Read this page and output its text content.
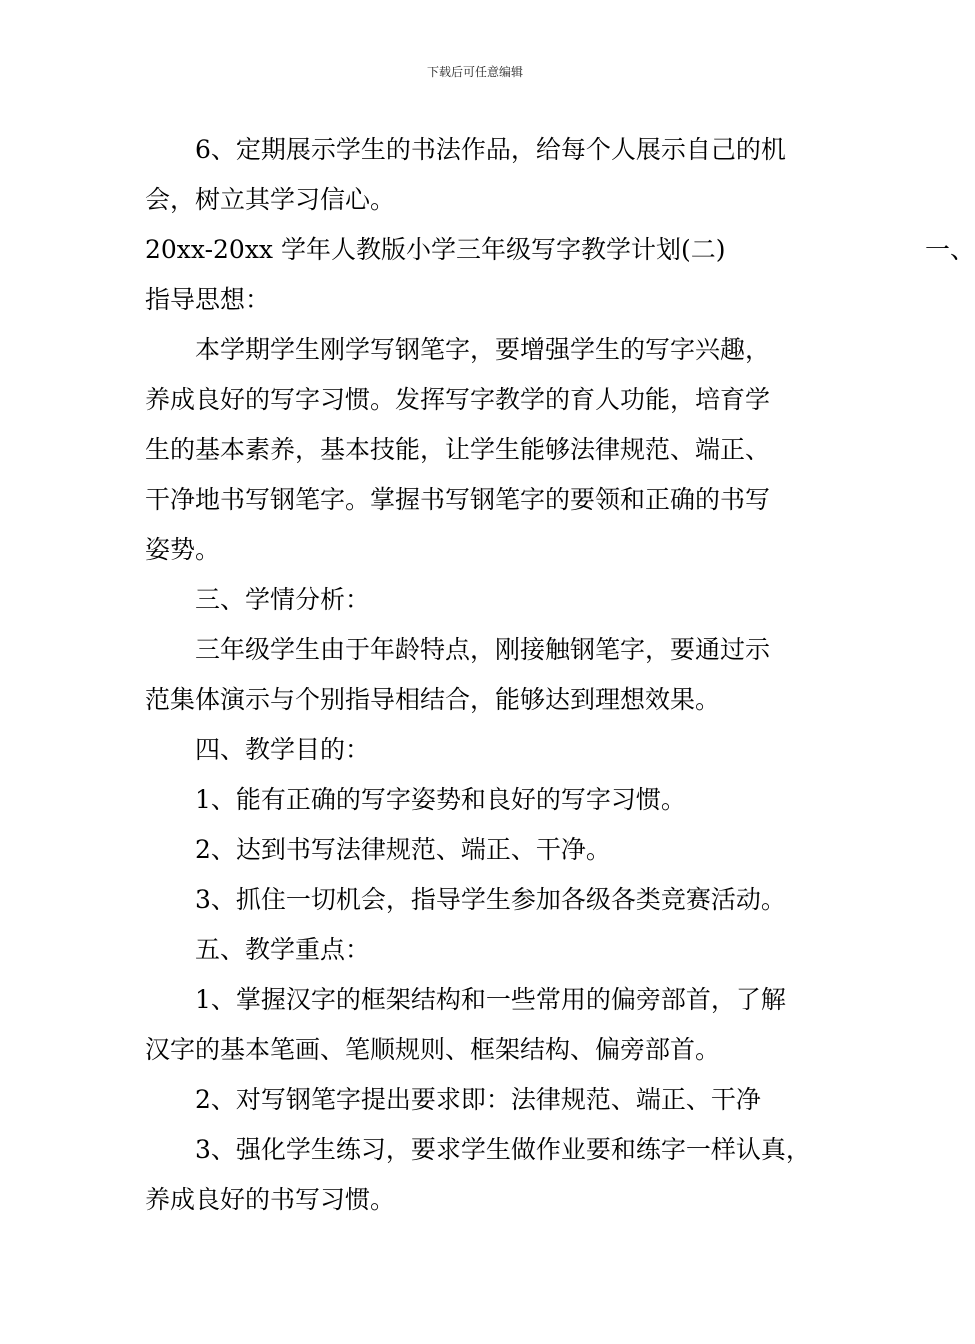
下载后可任意编辑
6、定期展示学生的书法作品，给每个人展示自己的机
会，树立其学习信心。
20xx-20xx 学年人教版小学三年级写字教学计划(二)	一、
指导思想：
本学期学生刚学写钢笔字，要增强学生的写字兴趣，
养成良好的写字习惯。发挥写字教学的育人功能，培育学
生的基本素养，基本技能，让学生能够法律规范、端正、
干净地书写钢笔字。掌握书写钢笔字的要领和正确的书写
姿势。
三、学情分析：
三年级学生由于年龄特点，刚接触钢笔字，要通过示
范集体演示与个别指导相结合，能够达到理想效果。
四、教学目的：
1、能有正确的写字姿势和良好的写字习惯。
2、达到书写法律规范、端正、干净。
3、抓住一切机会，指导学生参加各级各类竞赛活动。
五、教学重点：
1、掌握汉字的框架结构和一些常用的偏旁部首，了解
汉字的基本笔画、笔顺规则、框架结构、偏旁部首。
2、对写钢笔字提出要求即：法律规范、端正、干净
3、强化学生练习，要求学生做作业要和练字一样认真，
养成良好的书写习惯。
